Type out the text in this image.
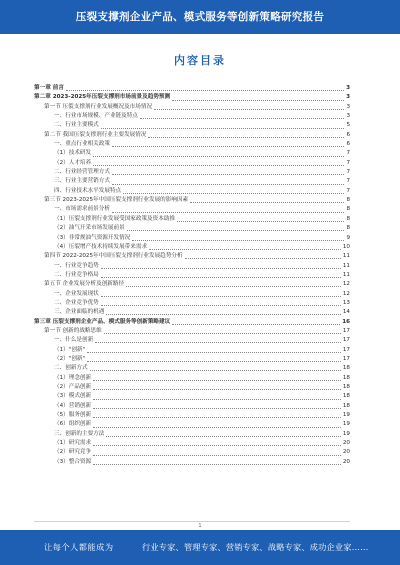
压裂支撑剂企业产品、模式服务等创新策略研究报告
内容目录
第一章 前言	3
第二章 2023-2025年压裂支撑剂市场前景及趋势预测	3
第一节 压裂支撑剂行业发展概况及市场情况	3
一、行业市场规模、产业链及特点	3
二、行业主要模式	5
第二节 我国压裂支撑剂行业主要发展情况	6
一、重点行业相关政策	6
（1）技术研发	7
（2）人才培养	7
二、行业经营管理方式	7
三、行业主要营销方式	7
四、行业技术水平发展特点	7
第三节 2023-2025年中国压裂支撑剂行业发展的影响因素	8
一、市场需求前景分析	8
（1）压裂支撑剂行业发展受国家政策及资本助推	8
（2）油气开采市场发展前景	8
（3）非常规油气资源开发情况	9
（4）压裂增产技术持续发展带来需求	10
第四节 2022-2025年中国压裂支撑剂行业发展趋势分析	11
一、行业竞争趋势	11
二、行业竞争格局	11
第五节 企业发展分析及创新路径	12
一、企业发展现状	12
二、企业竞争优势	13
三、企业面临的机遇	14
第三章 压裂支撑剂企业产品、模式服务等创新策略建议	16
第一节 创新的战略思维	17
一、什么是创新	17
（1）"创新"	17
（2）"创新"	17
二、创新方式	18
（1）理念创新	18
（2）产品创新	18
（3）模式创新	18
（4）营销创新	18
（5）服务创新	19
（6）组织创新	19
三、创新的主要方法	19
（1）研究需求	20
（2）研究竞争	20
（3）整合资源	20
1
让每个人都能成为	行业专家、管理专家、营销专家、战略专家、成功企业家……
